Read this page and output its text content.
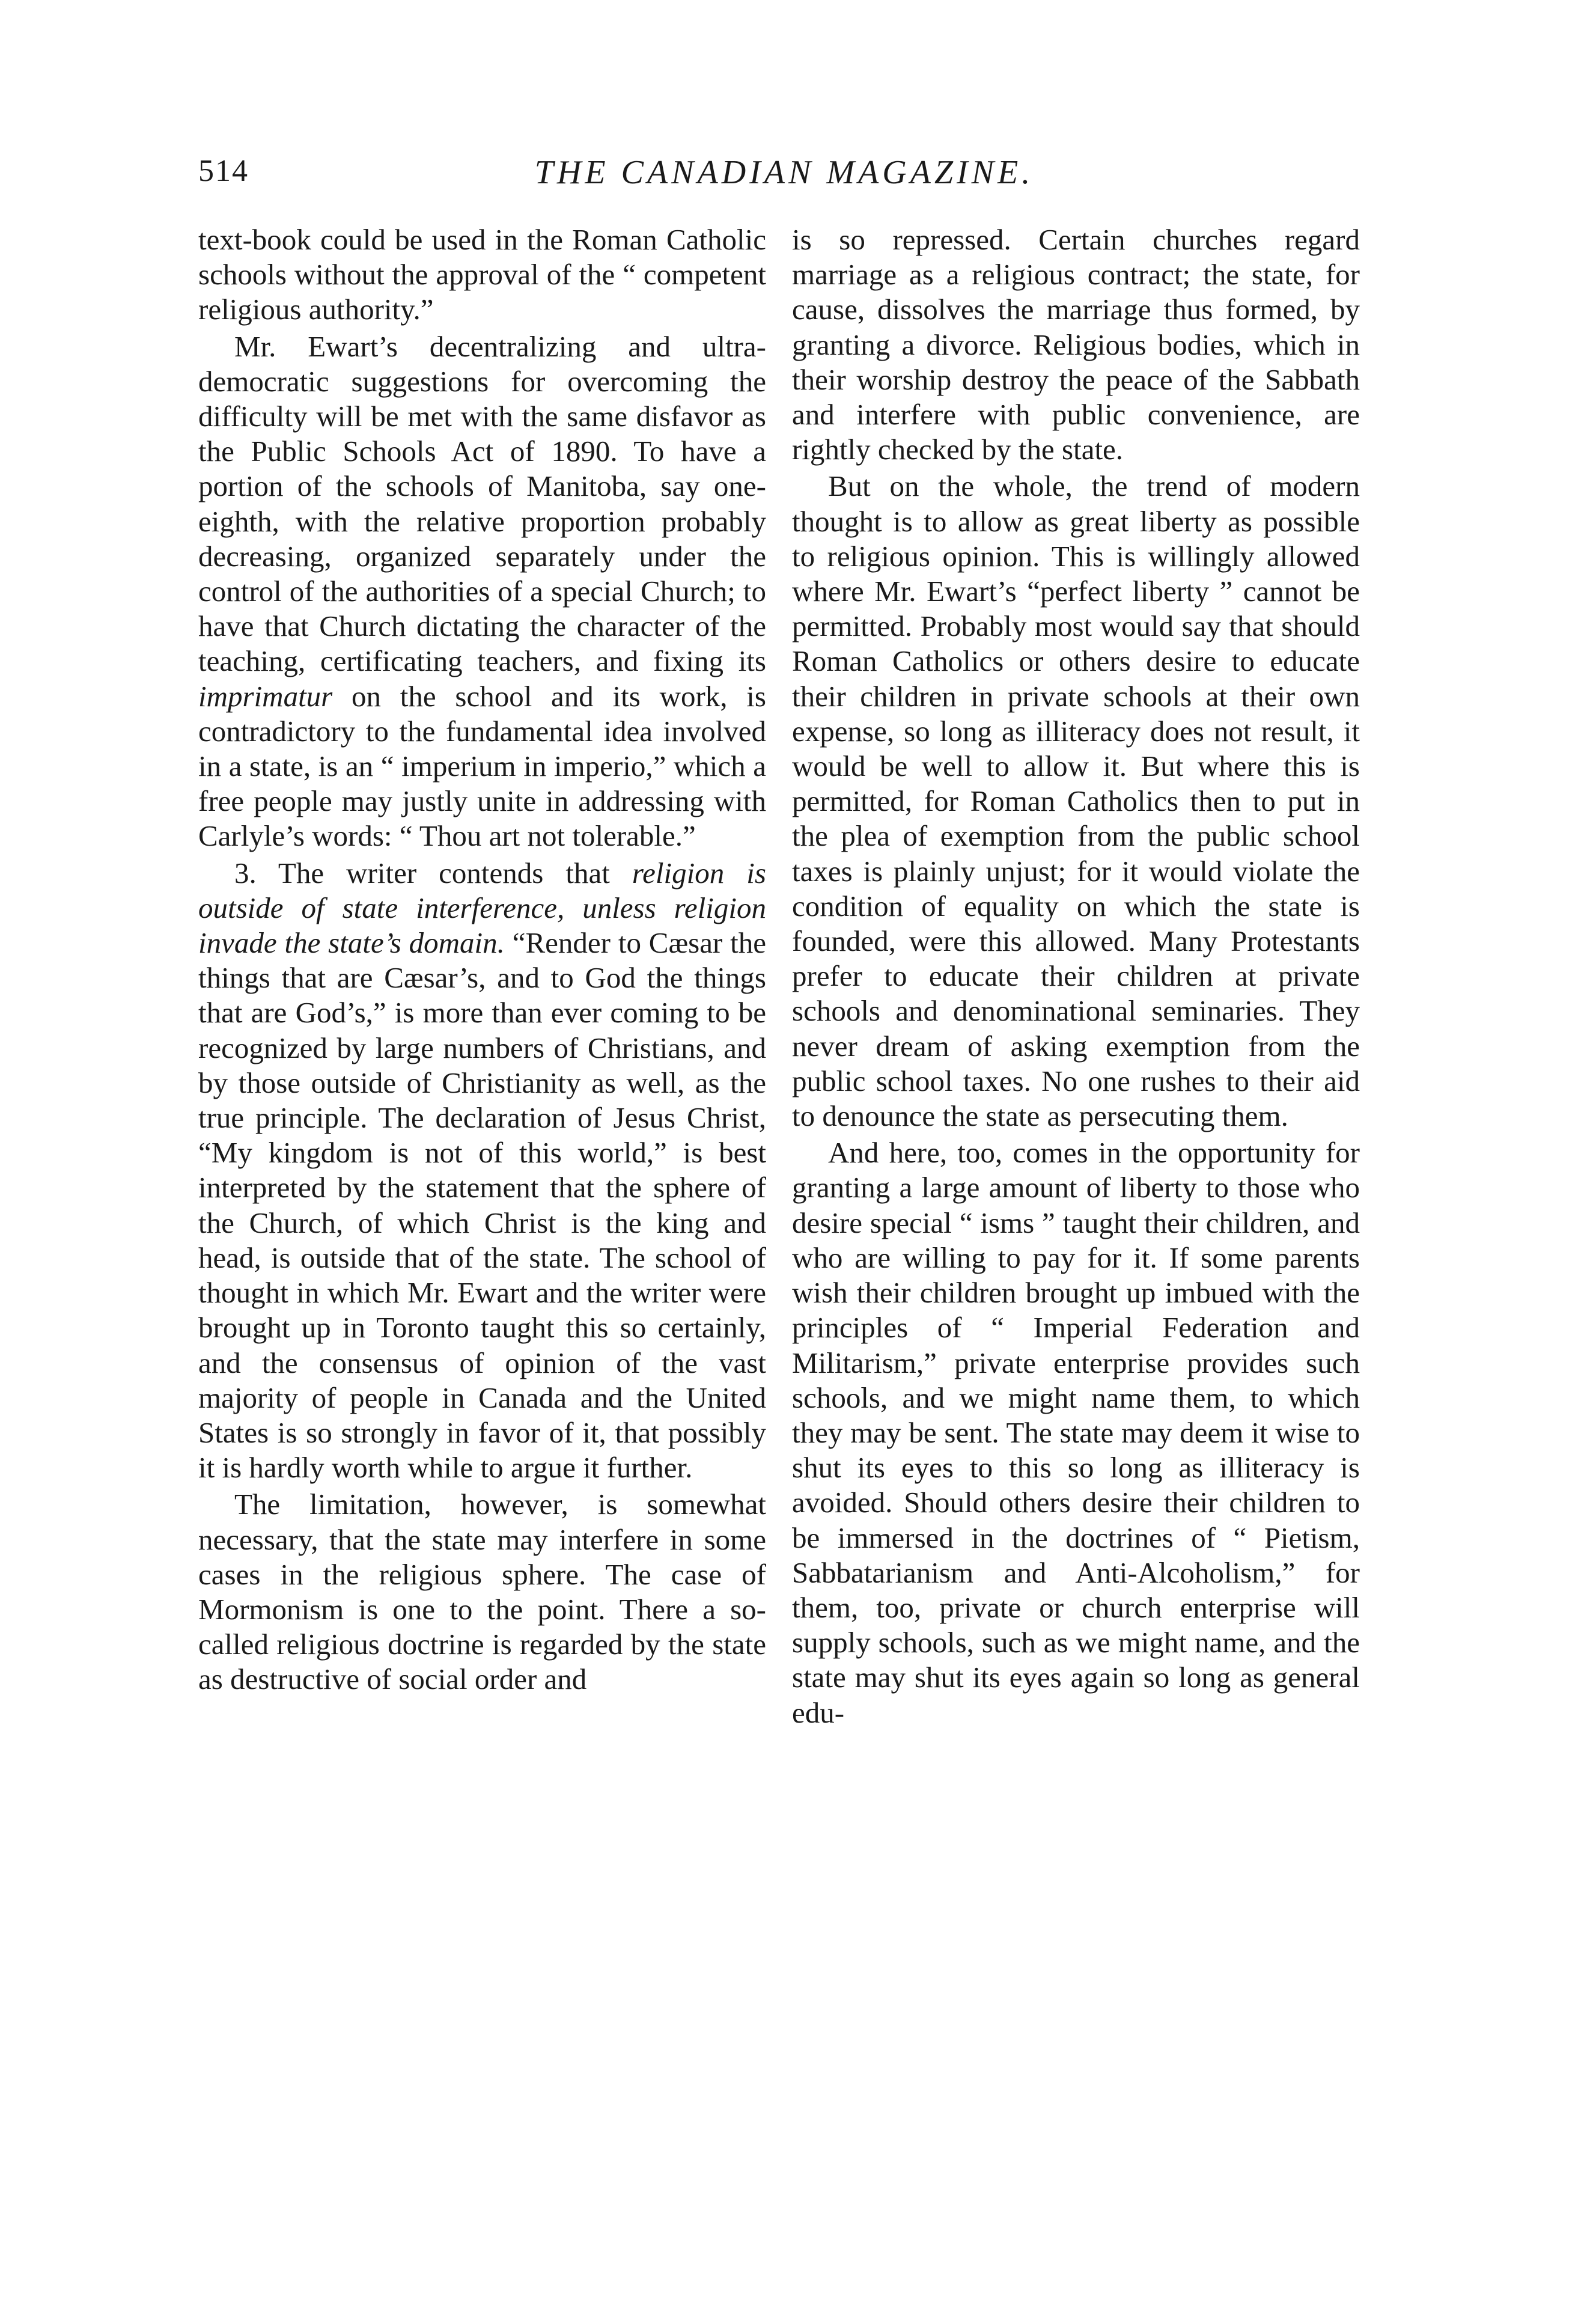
514	THE CANADIAN MAGAZINE.

text-book could be used in the Roman Catholic schools without the approval of the “ competent religious authority.”

Mr. Ewart’s decentralizing and ultra-democratic suggestions for overcoming the difficulty will be met with the same disfavor as the Public Schools Act of 1890. To have a portion of the schools of Manitoba, say one-eighth, with the relative proportion probably decreasing, organized separately under the control of the authorities of a special Church; to have that Church dictating the character of the teaching, certificating teachers, and fixing its imprimatur on the school and its work, is contradictory to the fundamental idea involved in a state, is an “ imperium in imperio,” which a free people may justly unite in addressing with Carlyle’s words: “ Thou art not tolerable.”

3. The writer contends that religion is outside of state interference, unless religion invade the state’s domain. “Render to Cæsar the things that are Cæsar’s, and to God the things that are God’s,” is more than ever coming to be recognized by large numbers of Christians, and by those outside of Christianity as well, as the true principle. The declaration of Jesus Christ, “My kingdom is not of this world,” is best interpreted by the statement that the sphere of the Church, of which Christ is the king and head, is outside that of the state. The school of thought in which Mr. Ewart and the writer were brought up in Toronto taught this so certainly, and the consensus of opinion of the vast majority of people in Canada and the United States is so strongly in favor of it, that possibly it is hardly worth while to argue it further.

The limitation, however, is somewhat necessary, that the state may interfere in some cases in the religious sphere. The case of Mormonism is one to the point. There a so-called religious doctrine is regarded by the state as destructive of social order and

is so repressed. Certain churches regard marriage as a religious contract; the state, for cause, dissolves the marriage thus formed, by granting a divorce. Religious bodies, which in their worship destroy the peace of the Sabbath and interfere with public convenience, are rightly checked by the state.

But on the whole, the trend of modern thought is to allow as great liberty as possible to religious opinion. This is willingly allowed where Mr. Ewart’s “perfect liberty ” cannot be permitted. Probably most would say that should Roman Catholics or others desire to educate their children in private schools at their own expense, so long as illiteracy does not result, it would be well to allow it. But where this is permitted, for Roman Catholics then to put in the plea of exemption from the public school taxes is plainly unjust; for it would violate the condition of equality on which the state is founded, were this allowed. Many Protestants prefer to educate their children at private schools and denominational seminaries. They never dream of asking exemption from the public school taxes. No one rushes to their aid to denounce the state as persecuting them.

And here, too, comes in the opportunity for granting a large amount of liberty to those who desire special “ isms ” taught their children, and who are willing to pay for it. If some parents wish their children brought up imbued with the principles of “ Imperial Federation and Militarism,” private enterprise provides such schools, and we might name them, to which they may be sent. The state may deem it wise to shut its eyes to this so long as illiteracy is avoided. Should others desire their children to be immersed in the doctrines of “ Pietism, Sabbatarianism and Anti-Alcoholism,” for them, too, private or church enterprise will supply schools, such as we might name, and the state may shut its eyes again so long as general edu-
